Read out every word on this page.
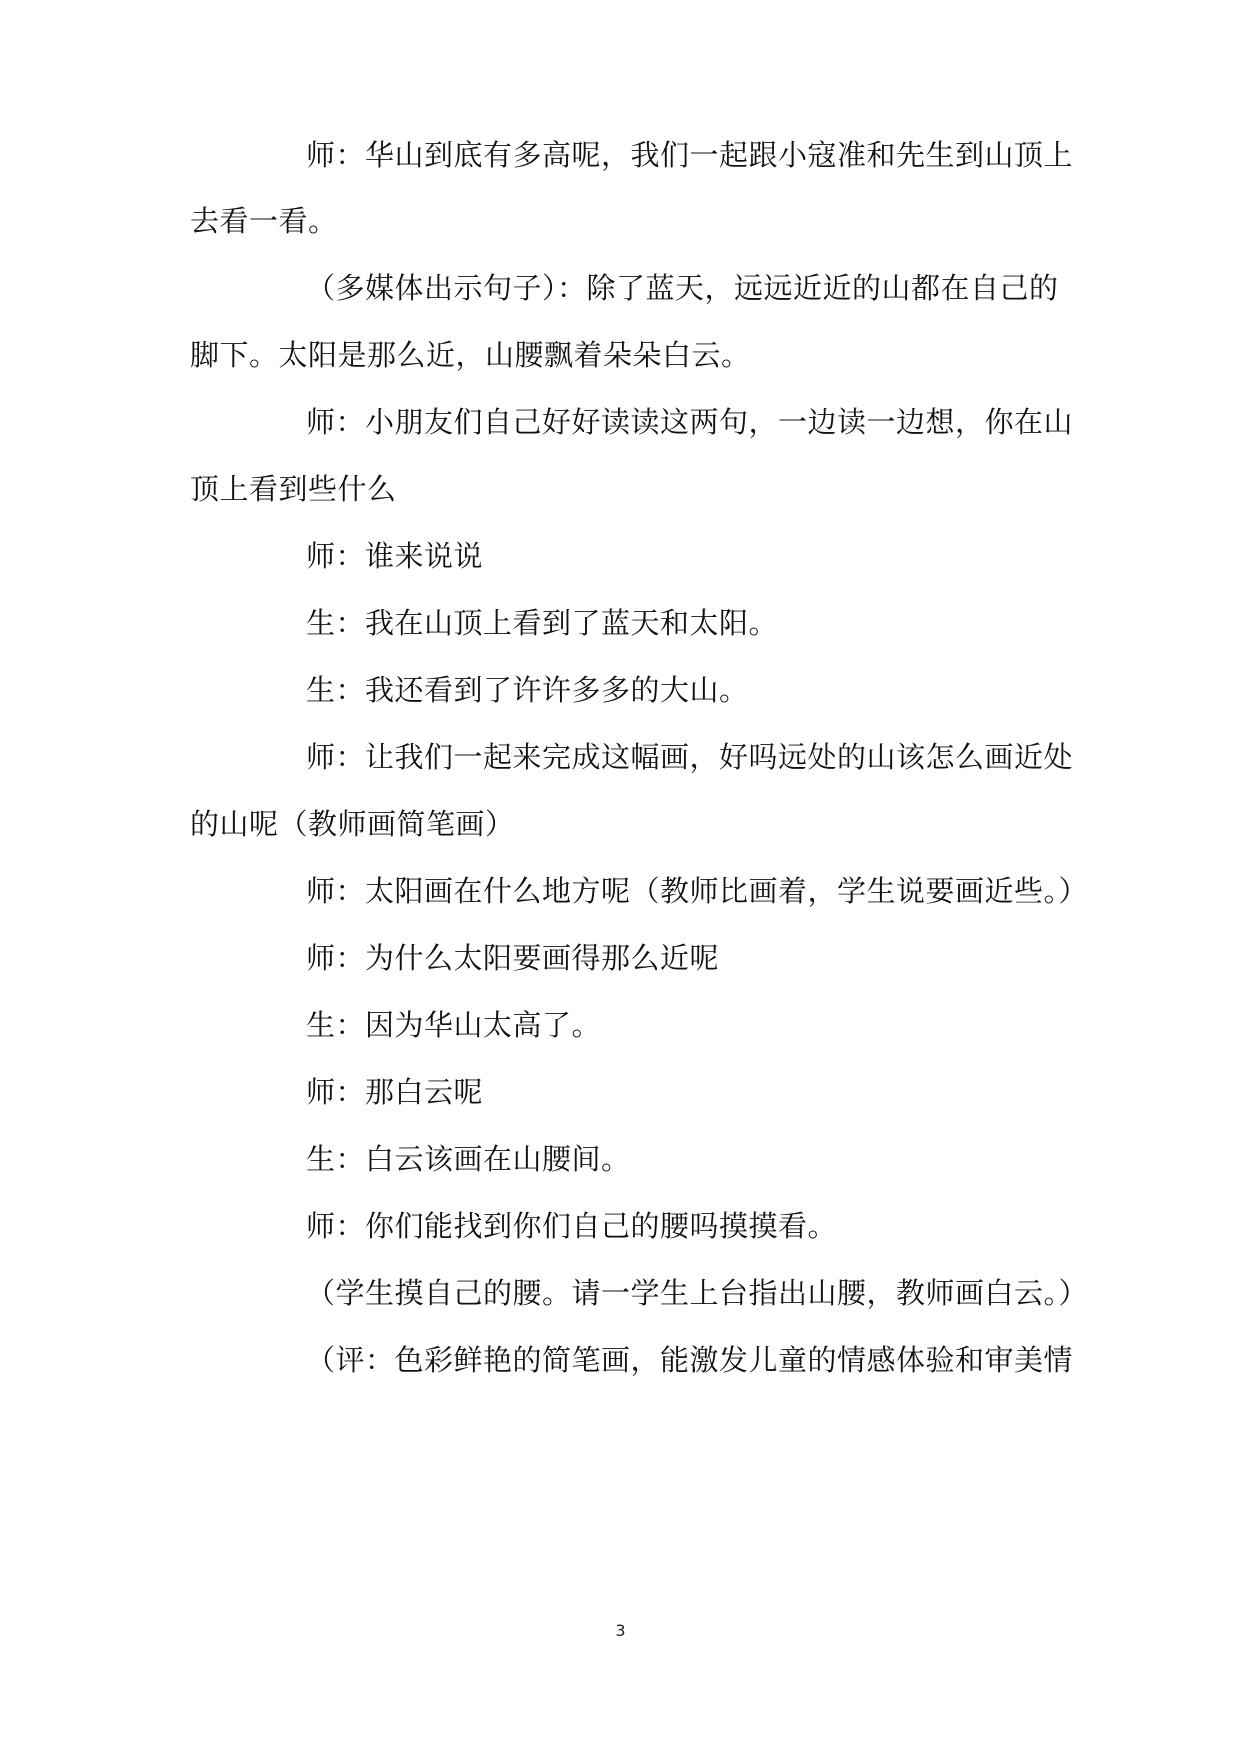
师：华山到底有多高呢，我们一起跟小寇准和先生到山顶上
去看一看。
（多媒体出示句子）：除了蓝天，远远近近的山都在自己的
脚下。太阳是那么近，山腰飘着朵朵白云。
师：小朋友们自己好好读读这两句，一边读一边想，你在山
顶上看到些什么
师：谁来说说
生：我在山顶上看到了蓝天和太阳。
生：我还看到了许许多多的大山。
师：让我们一起来完成这幅画，好吗远处的山该怎么画近处
的山呢（教师画简笔画）
师：太阳画在什么地方呢（教师比画着，学生说要画近些。）
师：为什么太阳要画得那么近呢
生：因为华山太高了。
师：那白云呢
生：白云该画在山腰间。
师：你们能找到你们自己的腰吗摸摸看。
（学生摸自己的腰。请一学生上台指出山腰，教师画白云。）
（评：色彩鲜艳的简笔画，能激发儿童的情感体验和审美情
3
